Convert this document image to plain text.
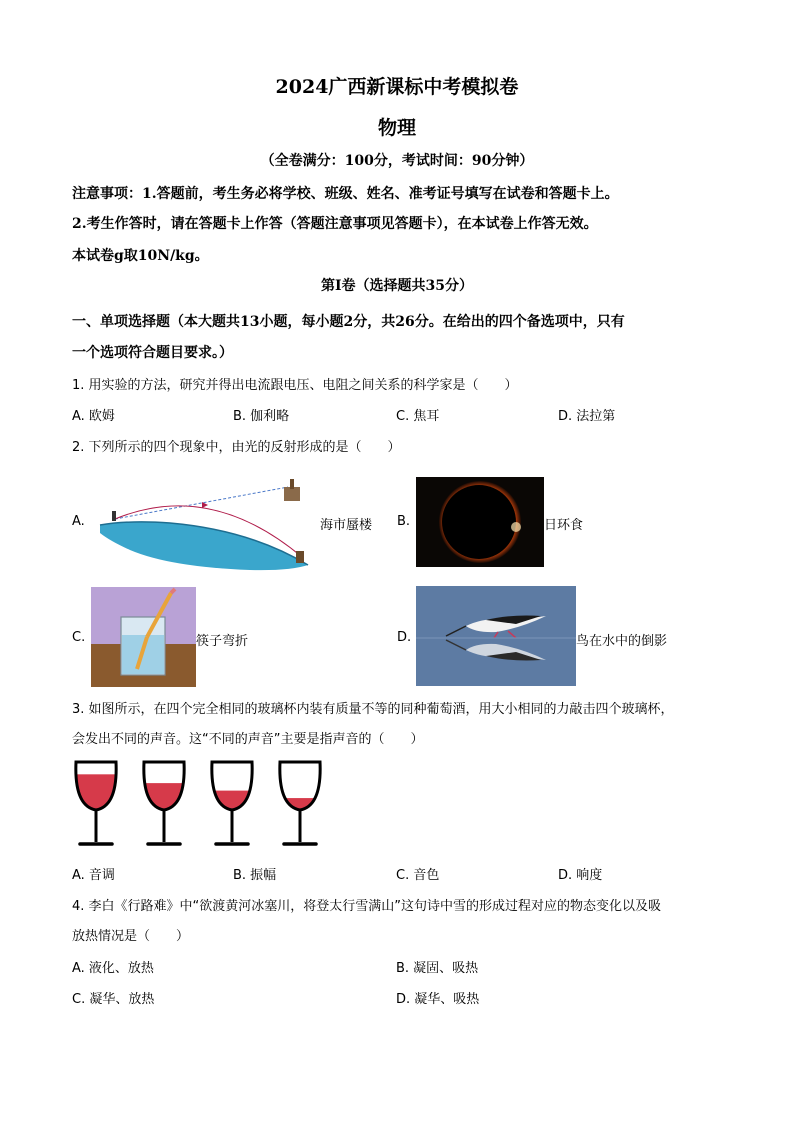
2024广西新课标中考模拟卷
物理
（全卷满分：100分，考试时间：90分钟）
注意事项：1.答题前，考生务必将学校、班级、姓名、准考证号填写在试卷和答题卡上。
2.考生作答时，请在答题卡上作答（答题注意事项见答题卡），在本试卷上作答无效。
本试卷g取10N/kg。
第Ⅰ卷（选择题共35分）
一、单项选择题（本大题共13小题，每小题2分，共26分。在给出的四个备选项中，只有
一个选项符合题目要求。）
1. 用实验的方法，研究并得出电流跟电压、电阻之间关系的科学家是（　　）
A. 欧姆	B. 伽利略	C. 焦耳	D. 法拉第
2. 下列所示的四个现象中，由光的反射形成的是（　　）
A.	海市蜃楼 B.	日环食
C.	筷子弯折	D.	鸟在水中的倒影
3. 如图所示，在四个完全相同的玻璃杯内装有质量不等的同种葡萄酒，用大小相同的力敲击四个玻璃杯，
会发出不同的声音。这“不同的声音”主要是指声音的（　　）
A. 音调	B. 振幅	C. 音色	D. 响度
4. 李白《行路难》中“欲渡黄河冰塞川，将登太行雪满山”这句诗中雪的形成过程对应的物态变化以及吸
放热情况是（　　）
A. 液化、放热	B. 凝固、吸热
C. 凝华、放热	D. 凝华、吸热
